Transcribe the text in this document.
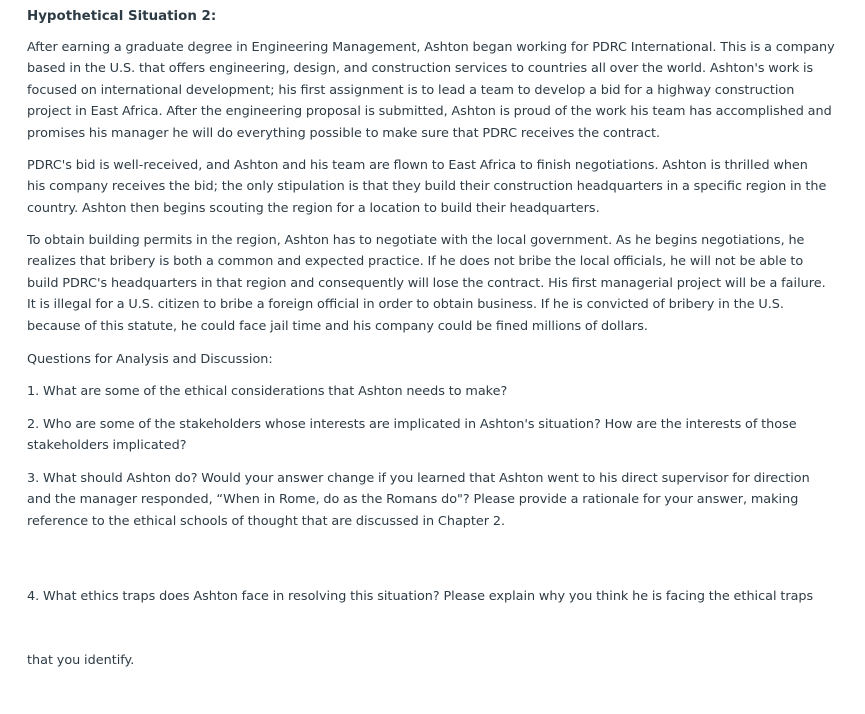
Hypothetical Situation 2:

After earning a graduate degree in Engineering Management, Ashton began working for PDRC International. This is a company
based in the U.S. that offers engineering, design, and construction services to countries all over the world. Ashton's work is
focused on international development; his first assignment is to lead a team to develop a bid for a highway construction
project in East Africa. After the engineering proposal is submitted, Ashton is proud of the work his team has accomplished and
promises his manager he will do everything possible to make sure that PDRC receives the contract.

PDRC's bid is well-received, and Ashton and his team are flown to East Africa to finish negotiations. Ashton is thrilled when
his company receives the bid; the only stipulation is that they build their construction headquarters in a specific region in the
country. Ashton then begins scouting the region for a location to build their headquarters.

To obtain building permits in the region, Ashton has to negotiate with the local government. As he begins negotiations, he
realizes that bribery is both a common and expected practice. If he does not bribe the local officials, he will not be able to
build PDRC's headquarters in that region and consequently will lose the contract. His first managerial project will be a failure.
It is illegal for a U.S. citizen to bribe a foreign official in order to obtain business. If he is convicted of bribery in the U.S.
because of this statute, he could face jail time and his company could be fined millions of dollars.

Questions for Analysis and Discussion:

1. What are some of the ethical considerations that Ashton needs to make?

2. Who are some of the stakeholders whose interests are implicated in Ashton's situation? How are the interests of those
stakeholders implicated?

3. What should Ashton do? Would your answer change if you learned that Ashton went to his direct supervisor for direction
and the manager responded, “When in Rome, do as the Romans do"? Please provide a rationale for your answer, making
reference to the ethical schools of thought that are discussed in Chapter 2.

4. What ethics traps does Ashton face in resolving this situation? Please explain why you think he is facing the ethical traps

that you identify.
